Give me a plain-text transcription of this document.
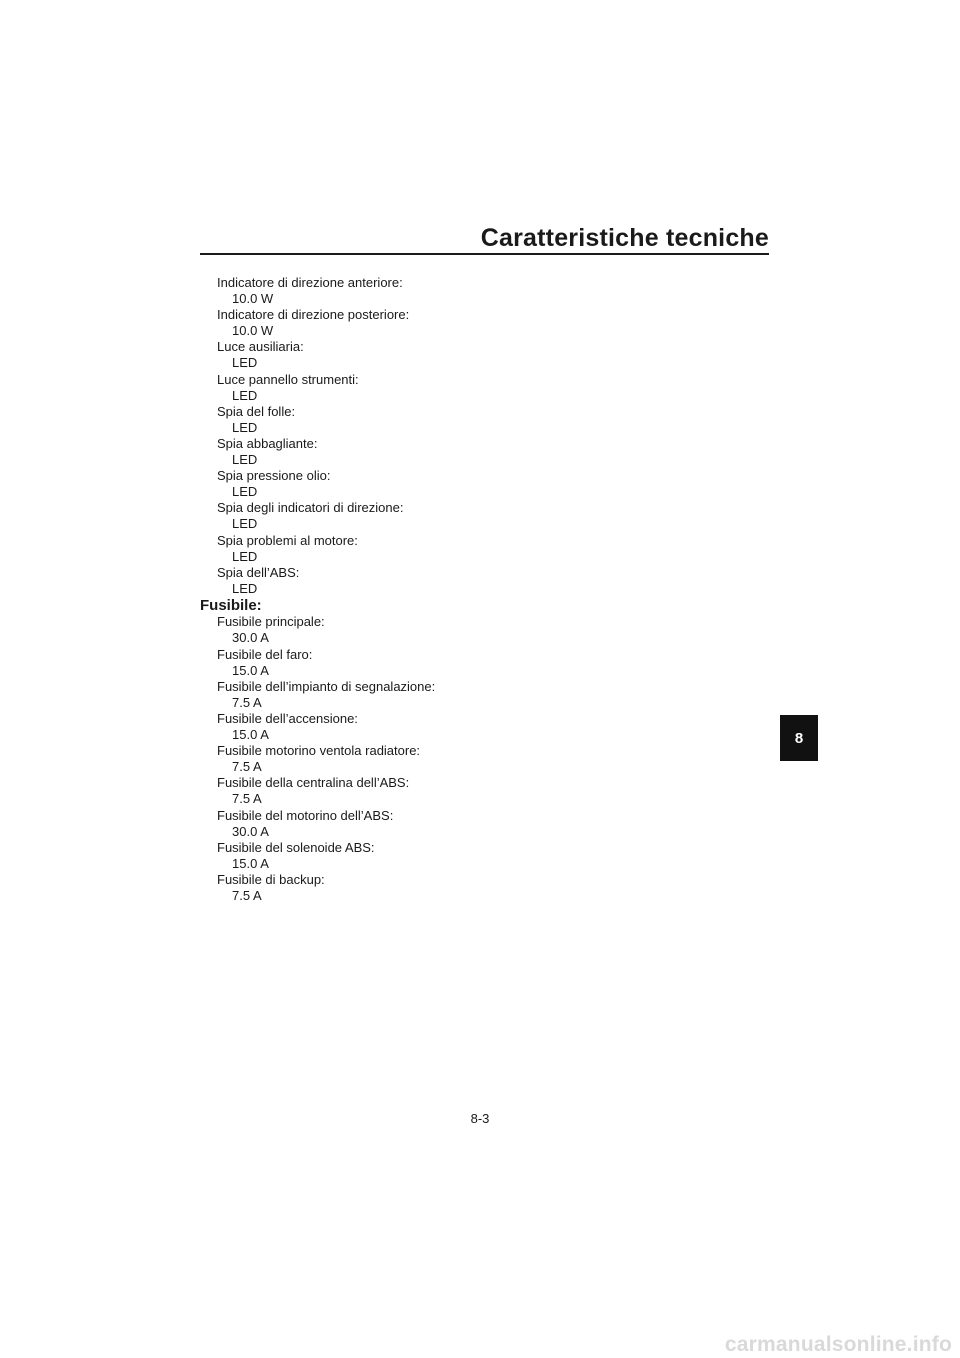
Caratteristiche tecniche
Indicatore di direzione anteriore:
10.0 W
Indicatore di direzione posteriore:
10.0 W
Luce ausiliaria:
LED
Luce pannello strumenti:
LED
Spia del folle:
LED
Spia abbagliante:
LED
Spia pressione olio:
LED
Spia degli indicatori di direzione:
LED
Spia problemi al motore:
LED
Spia dell’ABS:
LED
Fusibile:
Fusibile principale:
30.0 A
Fusibile del faro:
15.0 A
Fusibile dell’impianto di segnalazione:
7.5 A
Fusibile dell’accensione:
15.0 A
Fusibile motorino ventola radiatore:
7.5 A
Fusibile della centralina dell’ABS:
7.5 A
Fusibile del motorino dell’ABS:
30.0 A
Fusibile del solenoide ABS:
15.0 A
Fusibile di backup:
7.5 A
8
8-3
carmanualsonline.info
